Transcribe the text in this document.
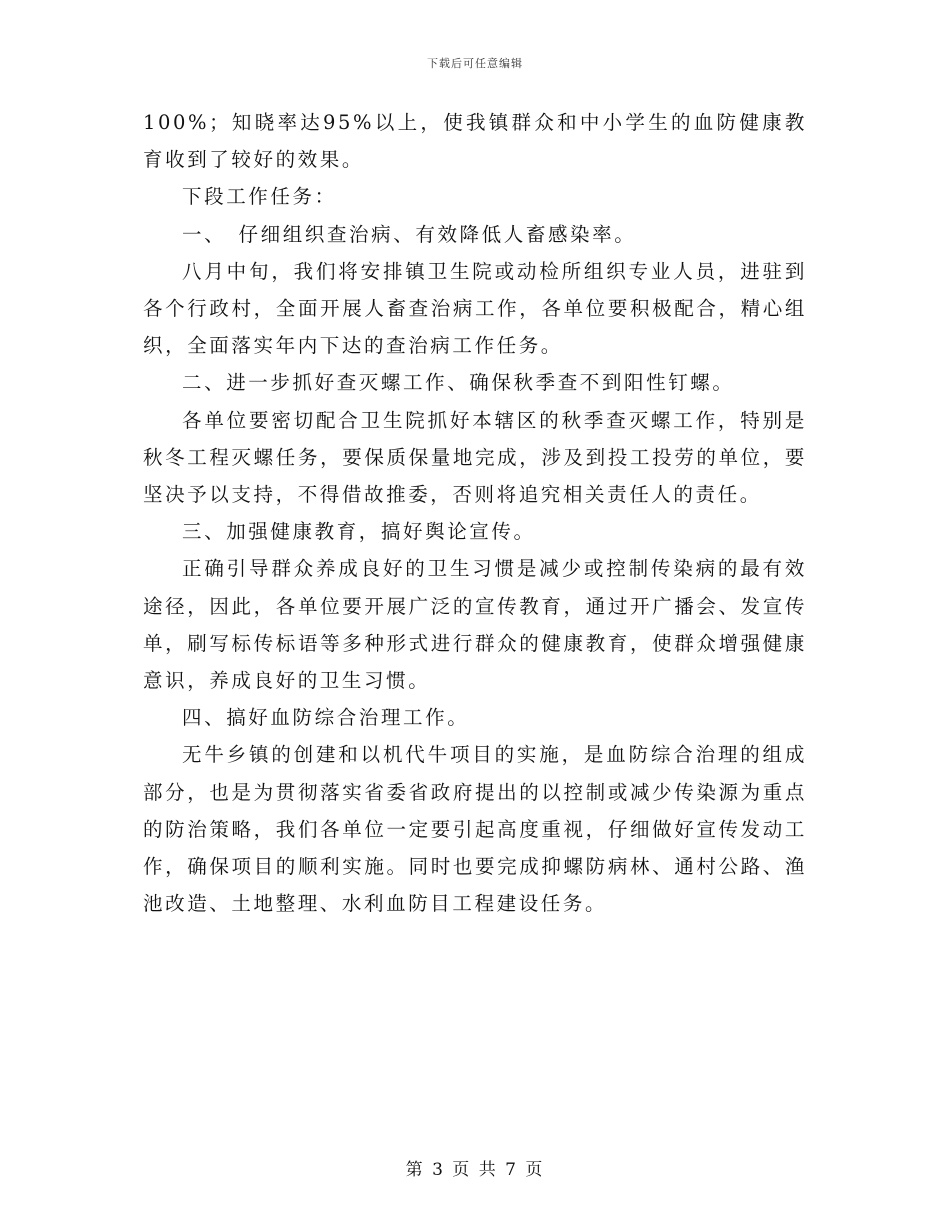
下载后可任意编辑

100%；知晓率达95%以上，使我镇群众和中小学生的血防健康教育收到了较好的效果。

下段工作任务：

一、　仔细组织查治病、有效降低人畜感染率。

八月中旬，我们将安排镇卫生院或动检所组织专业人员，进驻到各个行政村，全面开展人畜查治病工作，各单位要积极配合，精心组织，全面落实年内下达的查治病工作任务。

二、进一步抓好查灭螺工作、确保秋季查不到阳性钉螺。

各单位要密切配合卫生院抓好本辖区的秋季查灭螺工作，特别是秋冬工程灭螺任务，要保质保量地完成，涉及到投工投劳的单位，要坚决予以支持，不得借故推委，否则将追究相关责任人的责任。

三、加强健康教育，搞好舆论宣传。

正确引导群众养成良好的卫生习惯是减少或控制传染病的最有效途径，因此，各单位要开展广泛的宣传教育，通过开广播会、发宣传单，刷写标传标语等多种形式进行群众的健康教育，使群众增强健康意识，养成良好的卫生习惯。

四、搞好血防综合治理工作。

无牛乡镇的创建和以机代牛项目的实施，是血防综合治理的组成部分，也是为贯彻落实省委省政府提出的以控制或减少传染源为重点的防治策略，我们各单位一定要引起高度重视，仔细做好宣传发动工作，确保项目的顺利实施。同时也要完成抑螺防病林、通村公路、渔池改造、土地整理、水利血防目工程建设任务。

第 3 页 共 7 页
